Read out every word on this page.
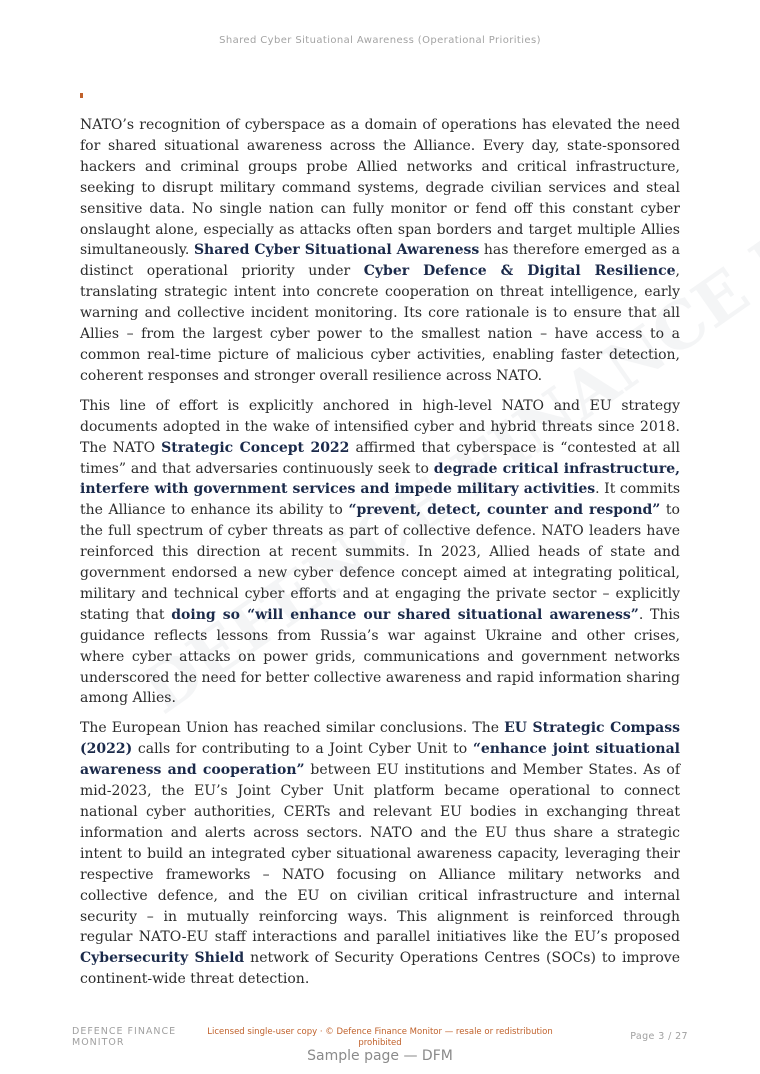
Shared Cyber Situational Awareness (Operational Priorities)

NATO’s recognition of cyberspace as a domain of operations has elevated the need for shared situational awareness across the Alliance. Every day, state-sponsored hackers and criminal groups probe Allied networks and critical infrastructure, seeking to disrupt military command systems, degrade civilian services and steal sensitive data. No single nation can fully monitor or fend off this constant cyber onslaught alone, especially as attacks often span borders and target multiple Allies simultaneously. Shared Cyber Situational Awareness has therefore emerged as a distinct operational priority under Cyber Defence & Digital Resilience, translating strategic intent into concrete cooperation on threat intelligence, early warning and collective incident monitoring. Its core rationale is to ensure that all Allies – from the largest cyber power to the smallest nation – have access to a common real-time picture of malicious cyber activities, enabling faster detection, coherent responses and stronger overall resilience across NATO.

This line of effort is explicitly anchored in high-level NATO and EU strategy documents adopted in the wake of intensified cyber and hybrid threats since 2018. The NATO Strategic Concept 2022 affirmed that cyberspace is “contested at all times” and that adversaries continuously seek to degrade critical infrastructure, interfere with government services and impede military activities. It commits the Alliance to enhance its ability to “prevent, detect, counter and respond” to the full spectrum of cyber threats as part of collective defence. NATO leaders have reinforced this direction at recent summits. In 2023, Allied heads of state and government endorsed a new cyber defence concept aimed at integrating political, military and technical cyber efforts and at engaging the private sector – explicitly stating that doing so “will enhance our shared situational awareness”. This guidance reflects lessons from Russia’s war against Ukraine and other crises, where cyber attacks on power grids, communications and government networks underscored the need for better collective awareness and rapid information sharing among Allies.

The European Union has reached similar conclusions. The EU Strategic Compass (2022) calls for contributing to a Joint Cyber Unit to “enhance joint situational awareness and cooperation” between EU institutions and Member States. As of mid-2023, the EU’s Joint Cyber Unit platform became operational to connect national cyber authorities, CERTs and relevant EU bodies in exchanging threat information and alerts across sectors. NATO and the EU thus share a strategic intent to build an integrated cyber situational awareness capacity, leveraging their respective frameworks – NATO focusing on Alliance military networks and collective defence, and the EU on civilian critical infrastructure and internal security – in mutually reinforcing ways. This alignment is reinforced through regular NATO-EU staff interactions and parallel initiatives like the EU’s proposed Cybersecurity Shield network of Security Operations Centres (SOCs) to improve continent-wide threat detection.

DEFENCE FINANCE
MONITOR
Licensed single-user copy · © Defence Finance Monitor — resale or redistribution prohibited
Page 3 / 27
Sample page — DFM
